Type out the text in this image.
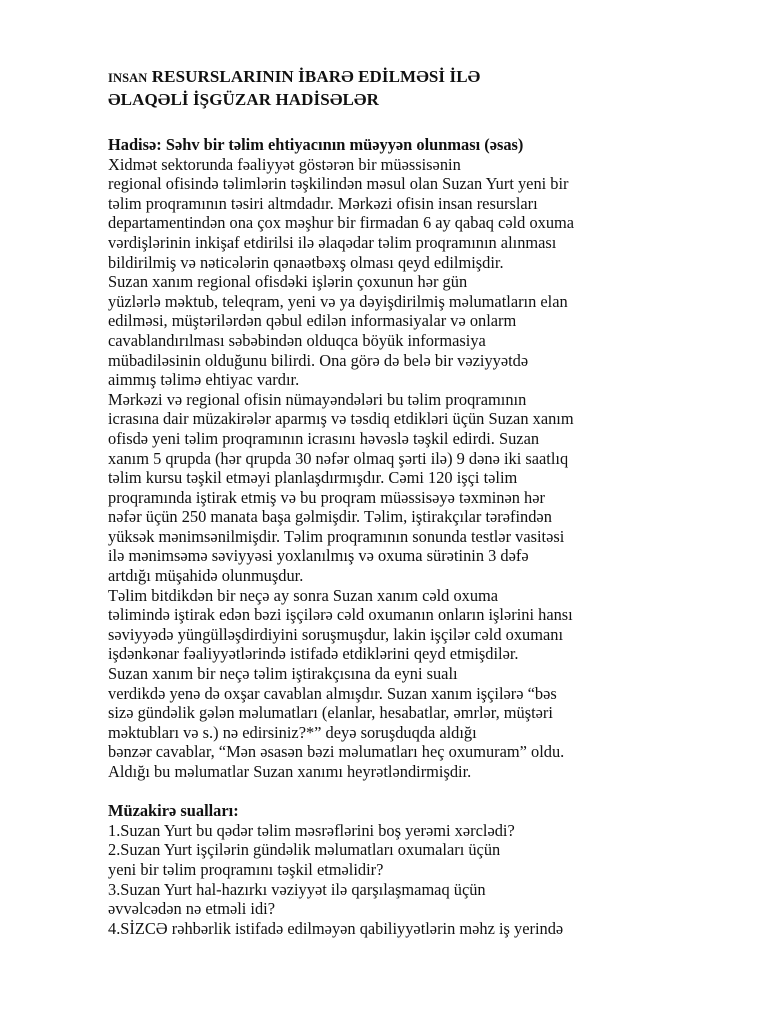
INSAN RESURSLARININ İBARƏ EDİLMƏSİ İLƏ
ƏLAQƏLİ İŞGÜZAR HADİSƏLƏR
Hadisə: Səhv bir təlim ehtiyacının müəyyən olunması (əsas)
Xidmət sektorunda fəaliyyət göstərən bir müəssisənin
regional ofisində təlimlərin təşkilindən məsul olan Suzan Yurt yeni bir
təlim proqramının təsiri altmdadır. Mərkəzi ofisin insan resursları
departamentindən ona çox məşhur bir firmadan 6 ay qabaq cəld oxuma
vərdişlərinin inkişaf etdirilsi ilə əlaqədar təlim proqramının alınması
bildirilmiş və nəticələrin qənaətbəxş olması qeyd edilmişdir.
Suzan xanım regional ofisdəki işlərin çoxunun hər gün
yüzlərlə məktub, teleqram, yeni və ya dəyişdirilmiş məlumatların elan
edilməsi, müştərilərdən qəbul edilən informasiyalar və onlarm
cavablandırılması səbəbindən olduqca böyük informasiya
mübadiləsinin olduğunu bilirdi. Ona görə də belə bir vəziyyətdə
aimmış təlimə ehtiyac vardır.
Mərkəzi və regional ofisin nümayəndələri bu təlim proqramının
icrasına dair müzakirələr aparmış və təsdiq etdikləri üçün Suzan xanım
ofisdə yeni təlim proqramının icrasını həvəslə təşkil edirdi. Suzan
xanım 5 qrupda (hər qrupda 30 nəfər olmaq şərti ilə) 9 dənə iki saatlıq
təlim kursu təşkil etməyi planlaşdırmışdır. Cəmi 120 işçi təlim
proqramında iştirak etmiş və bu proqram müəssisəyə təxminən hər
nəfər üçün 250 manata başa gəlmişdir. Təlim, iştirakçılar tərəfindən
yüksək mənimsənilmişdir. Təlim proqramının sonunda testlər vasitəsi
ilə mənimsəmə səviyyəsi yoxlanılmış və oxuma sürətinin 3 dəfə
artdığı müşahidə olunmuşdur.
Təlim bitdikdən bir neçə ay sonra Suzan xanım cəld oxuma
təlimində iştirak edən bəzi işçilərə cəld oxumanın onların işlərini hansı
səviyyədə yüngülləşdirdiyini soruşmuşdur, lakin işçilər cəld oxumanı
işdənkənar fəaliyyətlərində istifadə etdiklərini qeyd etmişdilər.
Suzan xanım bir neçə təlim iştirakçısına da eyni sualı
verdikdə yenə də oxşar cavablan almışdır. Suzan xanım işçilərə “bəs
sizə gündəlik gələn məlumatları (elanlar, hesabatlar, əmrlər, müştəri
məktubları və s.) nə edirsiniz?*” deyə soruşduqda aldığı
bənzər cavablar, “Mən əsasən bəzi məlumatları heç oxumuram” oldu.
Aldığı bu məlumatlar Suzan xanımı heyrətləndirmişdir.
Müzakirə sualları:
1.Suzan Yurt bu qədər təlim məsrəflərini boş yerəmi xərclədi?
2.Suzan Yurt işçilərin gündəlik məlumatları oxumaları üçün
yeni bir təlim proqramını təşkil etməlidir?
3.Suzan Yurt hal-hazırkı vəziyyət ilə qarşılaşmamaq üçün
əvvəlcədən nə etməli idi?
4.SİZCƏ rəhbərlik istifadə edilməyən qabiliyyətlərin məhz iş yerində
